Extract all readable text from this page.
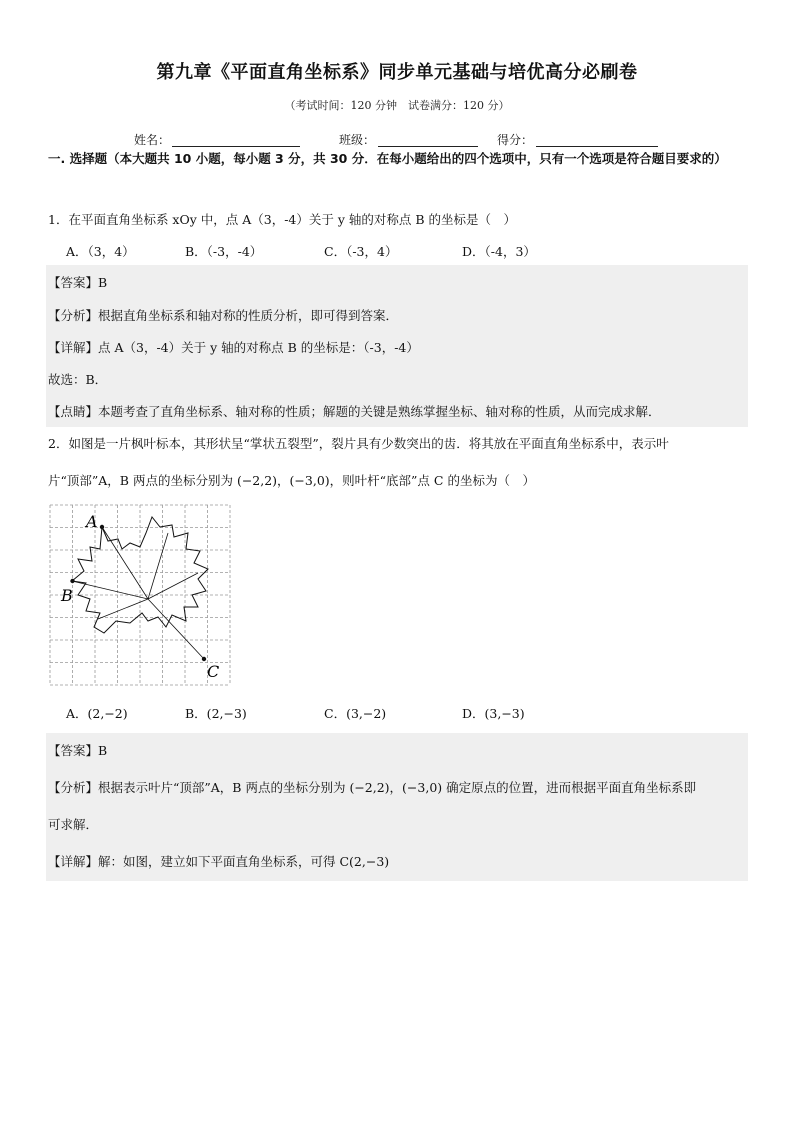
第九章《平面直角坐标系》同步单元基础与培优高分必刷卷
（考试时间：120 分钟　试卷满分：120 分）
姓名：	班级：	得分：
一. 选择题（本大题共 10 小题，每小题 3 分，共 30 分．在每小题给出的四个选项中，只有一个选项是符合题目要求的）
1．在平面直角坐标系 xOy 中，点 A（3，-4）关于 y 轴的对称点 B 的坐标是（　）
A．（3，4）	B．（-3，-4）	C．（-3，4）	D．（-4，3）
【答案】B
【分析】根据直角坐标系和轴对称的性质分析，即可得到答案．
【详解】点 A（3，-4）关于 y 轴的对称点 B 的坐标是：（-3，-4）
故选：B．
【点睛】本题考查了直角坐标系、轴对称的性质；解题的关键是熟练掌握坐标、轴对称的性质，从而完成求解．
2．如图是一片枫叶标本，其形状呈“掌状五裂型”，裂片具有少数突出的齿．将其放在平面直角坐标系中，表示叶
片“顶部”A，B 两点的坐标分别为 (−2,2)，(−3,0)，则叶杆“底部”点 C 的坐标为（　）
A
B
C
A．(2,−2)	B．(2,−3)	C．(3,−2)	D．(3,−3)
【答案】B
【分析】根据表示叶片“顶部”A，B 两点的坐标分别为 (−2,2)，(−3,0) 确定原点的位置，进而根据平面直角坐标系即
可求解．
【详解】解：如图，建立如下平面直角坐标系，可得 C(2,−3)
